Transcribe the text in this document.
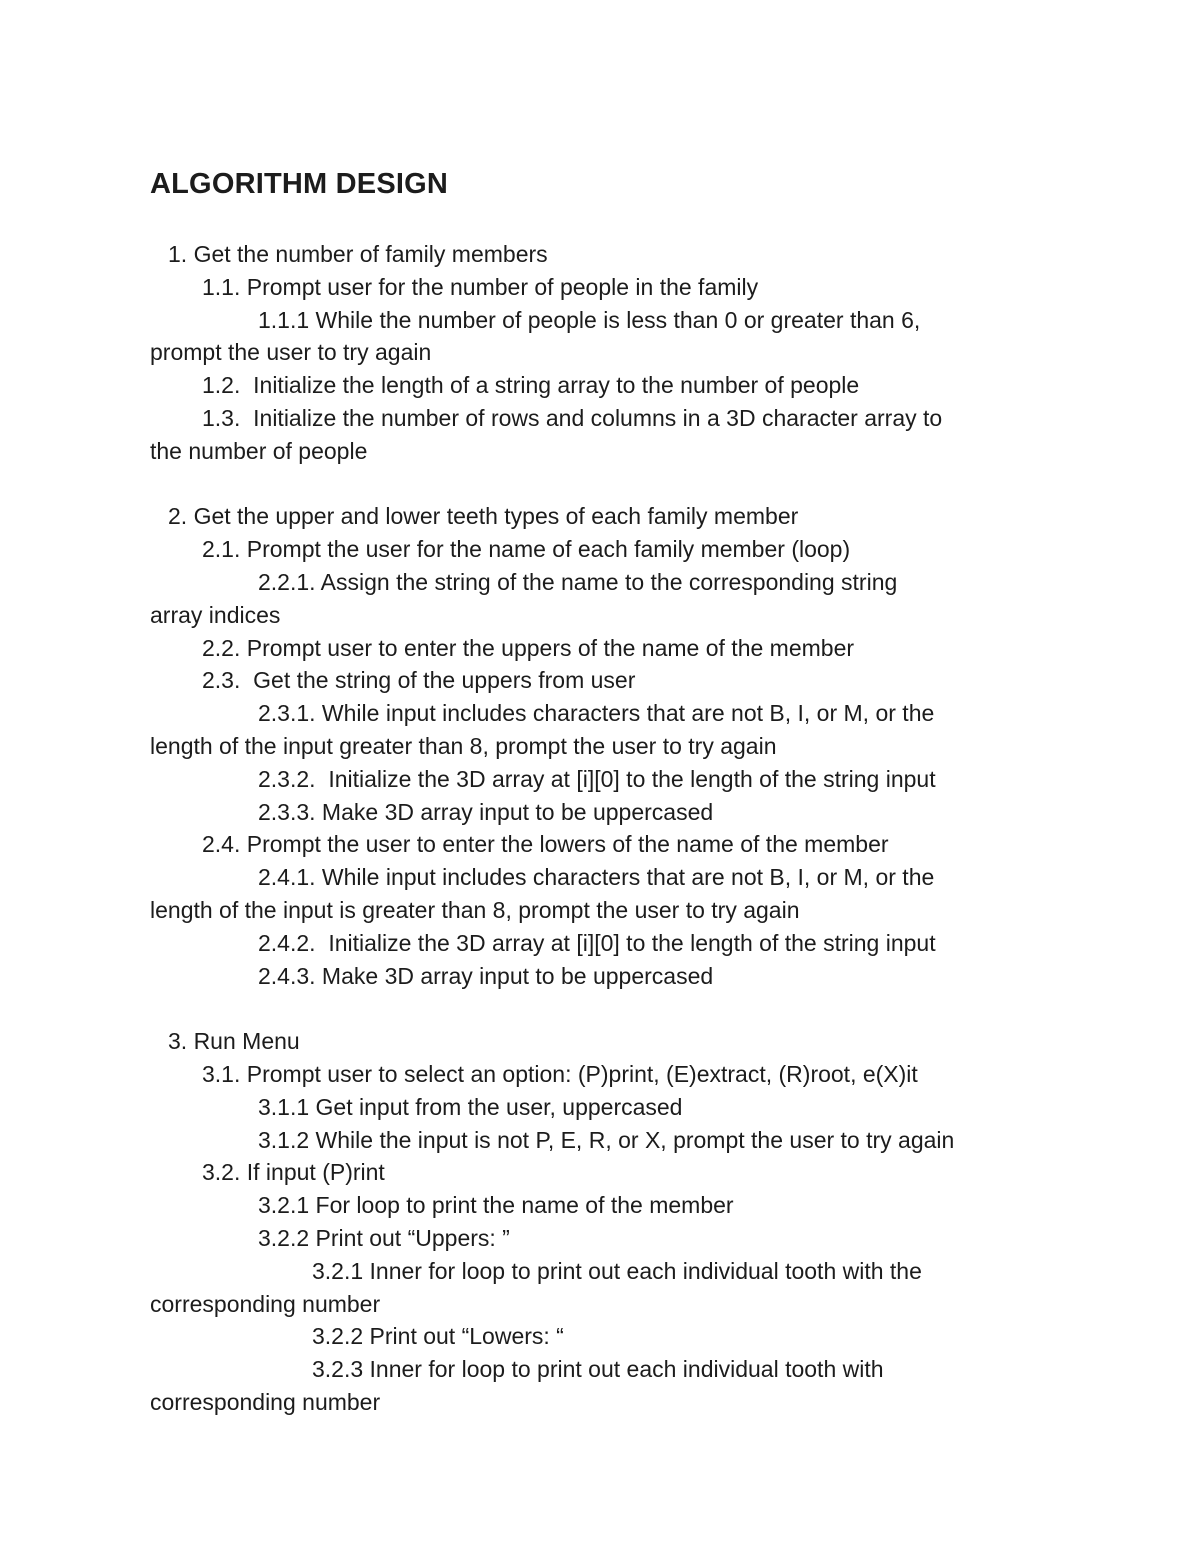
ALGORITHM DESIGN
1. Get the number of family members
1.1. Prompt user for the number of people in the family
1.1.1 While the number of people is less than 0 or greater than 6,
prompt the user to try again
1.2.  Initialize the length of a string array to the number of people
1.3.  Initialize the number of rows and columns in a 3D character array to
the number of people
2. Get the upper and lower teeth types of each family member
2.1. Prompt the user for the name of each family member (loop)
2.2.1. Assign the string of the name to the corresponding string
array indices
2.2. Prompt user to enter the uppers of the name of the member
2.3.  Get the string of the uppers from user
2.3.1. While input includes characters that are not B, I, or M, or the
length of the input greater than 8, prompt the user to try again
2.3.2.  Initialize the 3D array at [i][0] to the length of the string input
2.3.3. Make 3D array input to be uppercased
2.4. Prompt the user to enter the lowers of the name of the member
2.4.1. While input includes characters that are not B, I, or M, or the
length of the input is greater than 8, prompt the user to try again
2.4.2.  Initialize the 3D array at [i][0] to the length of the string input
2.4.3. Make 3D array input to be uppercased
3. Run Menu
3.1. Prompt user to select an option: (P)print, (E)extract, (R)root, e(X)it
3.1.1 Get input from the user, uppercased
3.1.2 While the input is not P, E, R, or X, prompt the user to try again
3.2. If input (P)rint
3.2.1 For loop to print the name of the member
3.2.2 Print out “Uppers: ”
3.2.1 Inner for loop to print out each individual tooth with the
corresponding number
3.2.2 Print out “Lowers: “
3.2.3 Inner for loop to print out each individual tooth with
corresponding number
